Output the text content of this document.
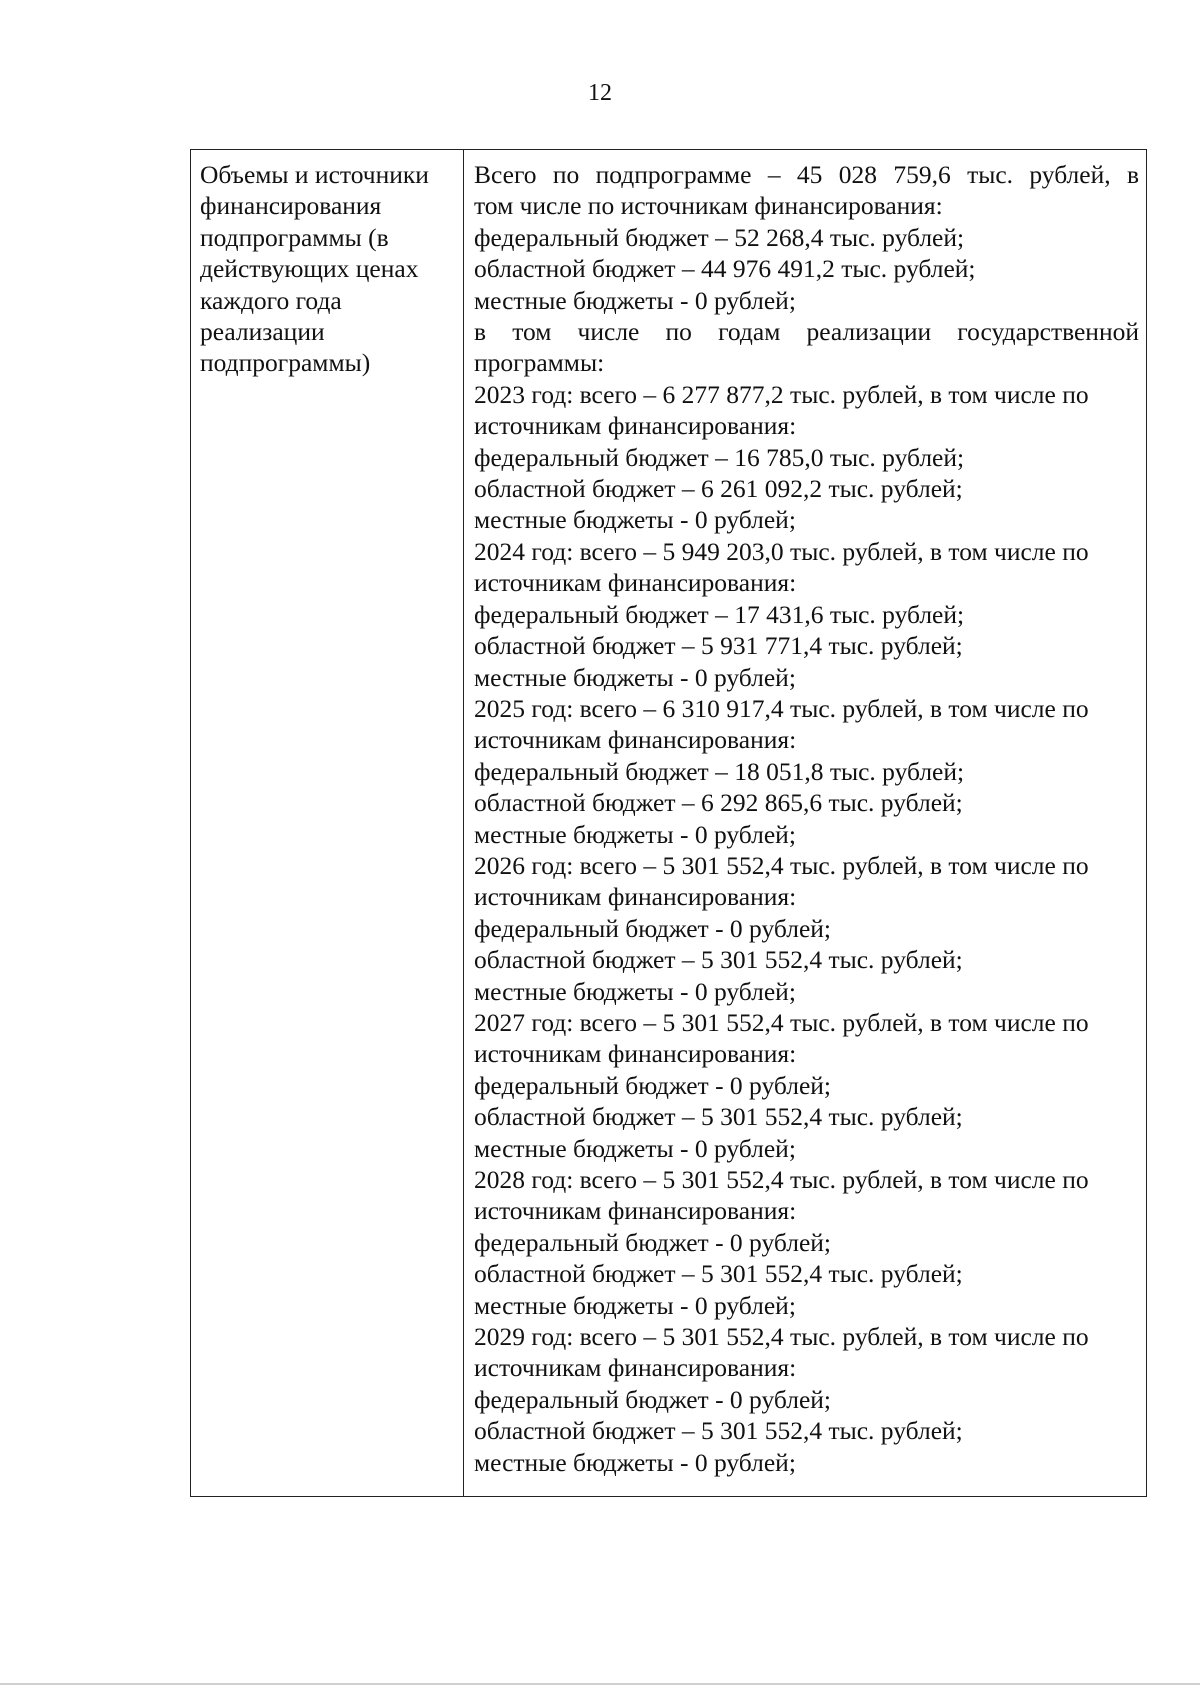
12
Объемы и источники
финансирования
подпрограммы (в
действующих ценах
каждого года
реализации
подпрограммы)
Всего по подпрограмме – 45 028 759,6 тыс. рублей, в
том числе по источникам финансирования:
федеральный бюджет – 52 268,4 тыс. рублей;
областной бюджет – 44 976 491,2 тыс. рублей;
местные бюджеты - 0 рублей;
в том числе по годам реализации государственной
программы:
2023 год: всего – 6 277 877,2 тыс. рублей, в том числе по
источникам финансирования:
федеральный бюджет – 16 785,0 тыс. рублей;
областной бюджет – 6 261 092,2 тыс. рублей;
местные бюджеты - 0 рублей;
2024 год: всего – 5 949 203,0 тыс. рублей, в том числе по
источникам финансирования:
федеральный бюджет – 17 431,6 тыс. рублей;
областной бюджет – 5 931 771,4 тыс. рублей;
местные бюджеты - 0 рублей;
2025 год: всего – 6 310 917,4 тыс. рублей, в том числе по
источникам финансирования:
федеральный бюджет – 18 051,8 тыс. рублей;
областной бюджет – 6 292 865,6 тыс. рублей;
местные бюджеты - 0 рублей;
2026 год: всего – 5 301 552,4 тыс. рублей, в том числе по
источникам финансирования:
федеральный бюджет - 0 рублей;
областной бюджет – 5 301 552,4 тыс. рублей;
местные бюджеты - 0 рублей;
2027 год: всего – 5 301 552,4 тыс. рублей, в том числе по
источникам финансирования:
федеральный бюджет - 0 рублей;
областной бюджет – 5 301 552,4 тыс. рублей;
местные бюджеты - 0 рублей;
2028 год: всего – 5 301 552,4 тыс. рублей, в том числе по
источникам финансирования:
федеральный бюджет - 0 рублей;
областной бюджет – 5 301 552,4 тыс. рублей;
местные бюджеты - 0 рублей;
2029 год: всего – 5 301 552,4 тыс. рублей, в том числе по
источникам финансирования:
федеральный бюджет - 0 рублей;
областной бюджет – 5 301 552,4 тыс. рублей;
местные бюджеты - 0 рублей;
